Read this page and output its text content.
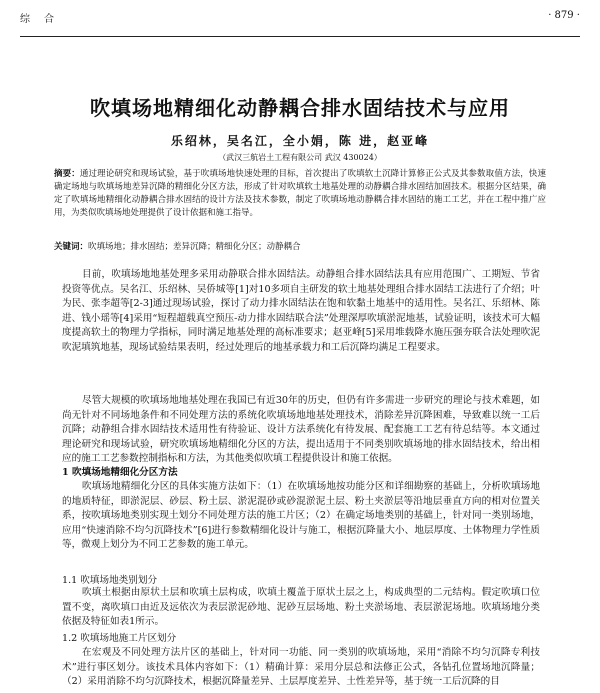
综合	· 879 ·
吹填场地精细化动静耦合排水固结技术与应用
乐绍林，吴名江，全小娟，陈 进，赵亚峰
（武汉三航岩土工程有限公司 武汉 430024）
摘要：通过理论研究和现场试验，基于吹填场地快速处理的目标，首次提出了吹填软土沉降计算修正公式及其参数取值方法，快速确定场地与吹填场地差异沉降的精细化分区方法，形成了针对吹填软土地基处理的动静耦合排水固结加固技术。根据分区结果，确定了吹填场地精细化动静耦合排水固结的设计方法及技术参数，制定了吹填场地动静耦合排水固结的施工工艺，并在工程中推广应用，为类似吹填场地处理提供了设计依据和施工指导。
关键词：吹填场地；排水固结；差异沉降；精细化分区；动静耦合

目前，吹填场地地基处理多采用动静联合排水固结法。动静组合排水固结法具有应用范围广、工期短、节省投资等优点。吴名江、乐绍林、吴侨城等[1]对10多项自主研发的软土地基处理组合排水固结工法进行了介绍；叶为民、张李超等[2-3]通过现场试验，探讨了动力排水固结法在饱和软黏土地基中的适用性。吴名江、乐绍林、陈进、钱小瑶等[4]采用“短程超载真空预压-动力排水固结联合法”处理深厚吹填淤泥地基，试验证明，该技术可大幅度提高软土的物理力学指标，同时满足地基处理的高标准要求；赵亚峰[5]采用堆载降水施压强夯联合法处理吹泥吹泥填筑地基，现场试验结果表明，经过处理后的地基承载力和工后沉降均满足工程要求。

尽管大规模的吹填场地地基处理在我国已有近30年的历史，但仍有许多需进一步研究的理论与技术难题，如尚无针对不同场地条件和不同处理方法的系统化吹填场地地基处理技术，消除差异沉降困难，导致难以统一工后沉降；动静组合排水固结技术适用性有待验证、设计方法系统化有待发展、配套施工工艺有待总结等。本文通过理论研究和现场试验，研究吹填场地精细化分区的方法，提出适用于不同类别吹填场地的排水固结技术，给出相应的施工工艺参数控制指标和方法，为其他类似吹填工程提供设计和施工依据。

1 吹填场地精细化分区方法

吹填场地精细化分区的具体实施方法如下：（1）在吹填场地按功能分区和详细勘察的基础上，分析吹填场地的地质特征，即淤泥层、砂层、粉土层、淤泥混砂或砂混淤泥土层、粉土夹淤层等沿地层垂直方向的相对位置关系，按吹填场地类别实现土划分不同处理方法的施工片区；（2）在确定场地类别的基础上，针对同一类别场地，应用“快速消除不均匀沉降技术”[6]进行参数精细化设计与施工，根据沉降量大小、地层厚度、土体物理力学性质等，微观上划分为不同工艺参数的施工单元。

1.1 吹填场地类别划分

吹填土根据由原状土层和吹填土层构成，吹填土覆盖于原状土层之上，构成典型的二元结构。假定吹填口位置不变，离吹填口由近及远依次为表层淤泥砂地、泥砂互层场地、粉土夹淤场地、表层淤泥场地。吹填场地分类依据及特征如表1所示。

1.2 吹填场地施工片区划分

在宏观及不同处理方法片区的基础上，针对同一功能、同一类别的吹填场地，采用“消除不均匀沉降专利技术”进行事区划分。该技术具体内容如下：（1）精确计算：采用分层总和法修正公式，各钻孔位置场地沉降量；（2）采用消除不均匀沉降技术，根据沉降量差异、土层厚度差异、土性差异等，基于统一工后沉降的目
